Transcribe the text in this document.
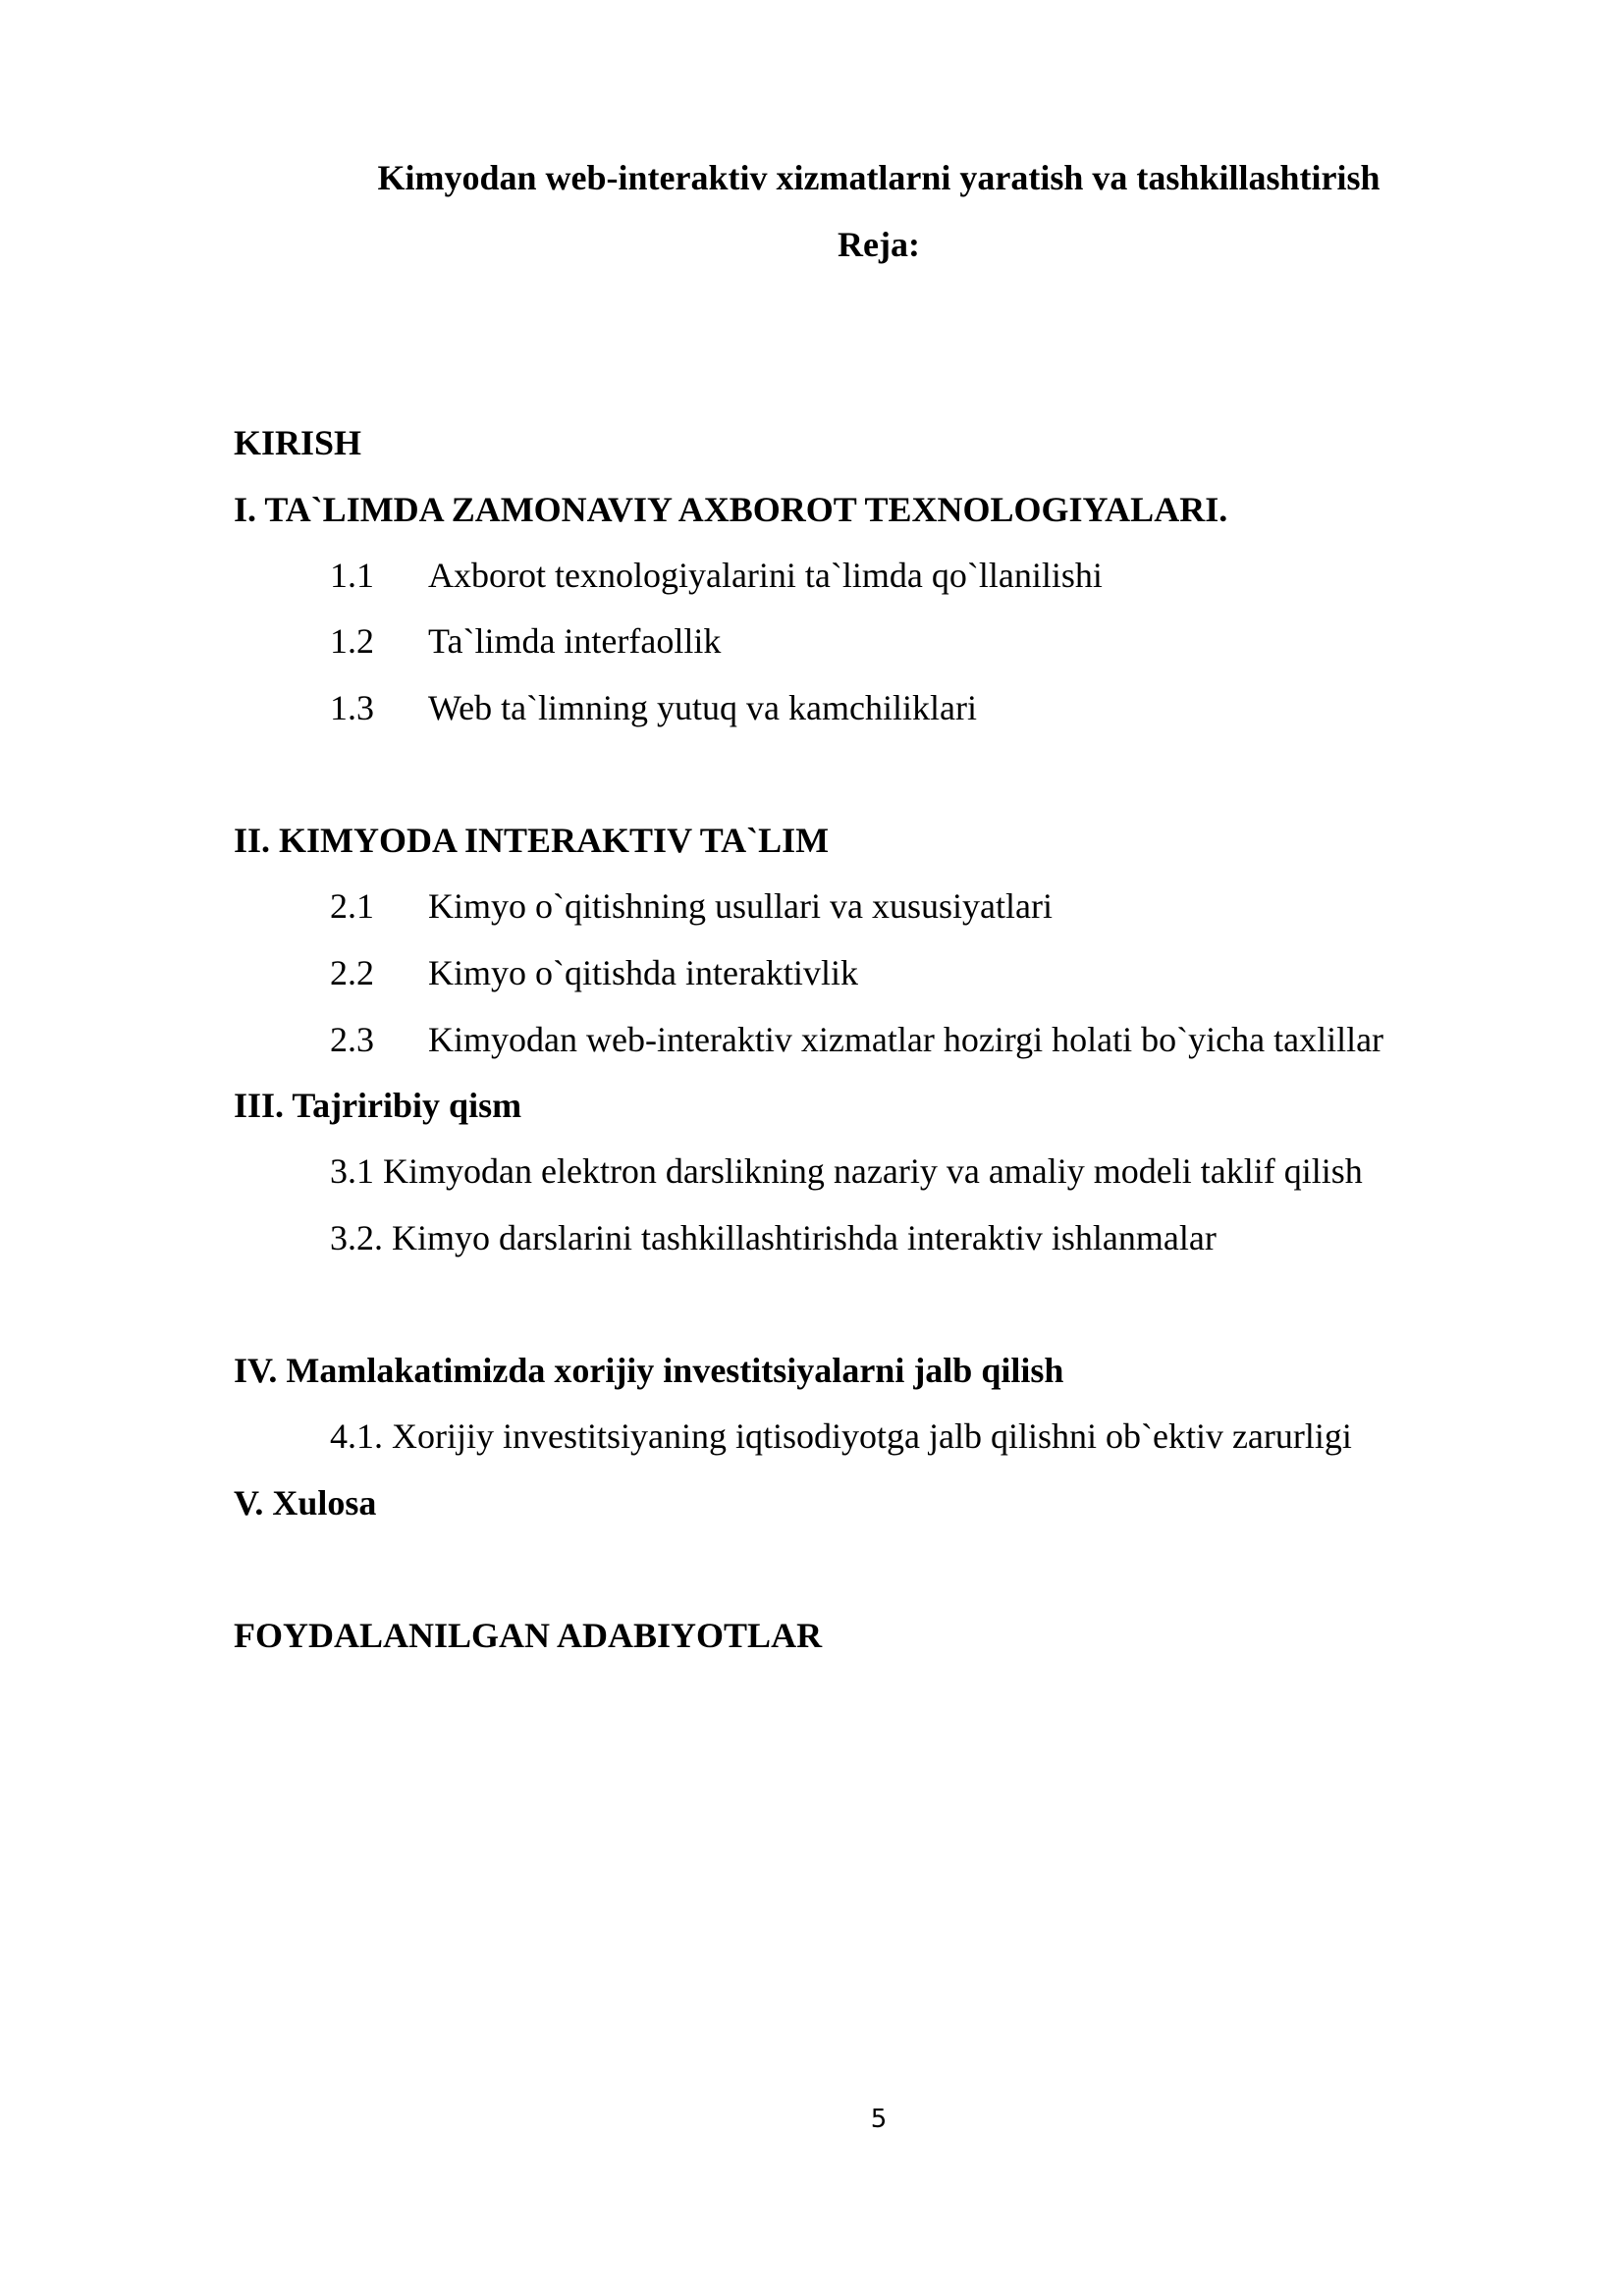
Kimyodan web-interaktiv xizmatlarni yaratish va tashkillashtirish
Reja:
KIRISH
I. TA`LIMDA ZAMONAVIY AXBOROT TEXNOLOGIYALARI.
1.1 Axborot texnologiyalarini ta`limda qo`llanilishi
1.2 Ta`limda interfaollik
1.3 Web ta`limning yutuq va kamchiliklari
II. KIMYODA INTERAKTIV TA`LIM
2.1 Kimyo o`qitishning usullari va xususiyatlari
2.2 Kimyo o`qitishda interaktivlik
2.3 Kimyodan web-interaktiv xizmatlar hozirgi holati bo`yicha taxlillar
III. Tajriribiy qism
3.1 Kimyodan elektron darslikning nazariy va amaliy modeli taklif qilish
3.2. Kimyo darslarini tashkillashtirishda interaktiv ishlanmalar
IV. Mamlakatimizda xorijiy investitsiyalarni jalb qilish
4.1. Xorijiy investitsiyaning iqtisodiyotga jalb qilishni ob`ektiv zarurligi
V. Xulosa
FOYDALANILGAN ADABIYOTLAR
5
